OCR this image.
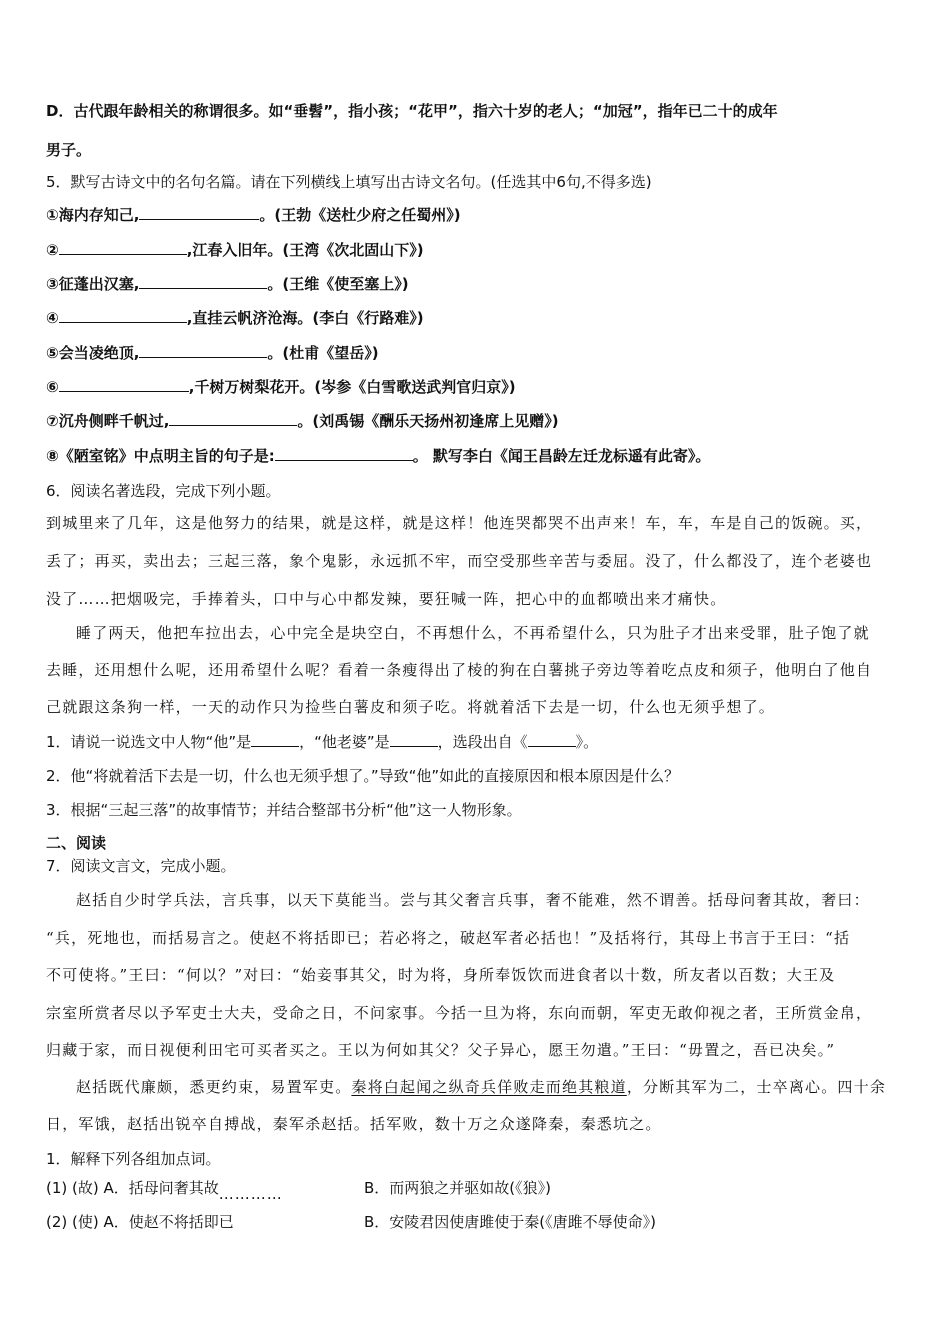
D．古代跟年龄相关的称谓很多。如“垂髫”，指小孩；“花甲”，指六十岁的老人；“加冠”，指年已二十的成年
男子。
5．默写古诗文中的名句名篇。请在下列横线上填写出古诗文名句。(任选其中6句,不得多选)
①海内存知己,	。(王勃《送杜少府之任蜀州》)
②	,江春入旧年。(王湾《次北固山下》)
③征蓬出汉塞,	。(王维《使至塞上》)
④	,直挂云帆济沧海。(李白《行路难》)
⑤会当凌绝顶,	。(杜甫《望岳》)
⑥	,千树万树梨花开。(岑参《白雪歌送武判官归京》)
⑦沉舟侧畔千帆过,	。(刘禹锡《酬乐天扬州初逢席上见赠》)
⑧《陋室铭》中点明主旨的句子是:	。 默写李白《闻王昌龄左迁龙标遥有此寄》。
6．阅读名著选段，完成下列小题。
到城里来了几年，这是他努力的结果，就是这样，就是这样！他连哭都哭不出声来！车，车，车是自己的饭碗。买，
丢了；再买，卖出去；三起三落，象个鬼影，永远抓不牢，而空受那些辛苦与委屈。没了，什么都没了，连个老婆也
没了……把烟吸完，手捧着头，口中与心中都发辣，要狂喊一阵，把心中的血都喷出来才痛快。
睡了两天，他把车拉出去，心中完全是块空白，不再想什么，不再希望什么，只为肚子才出来受罪，肚子饱了就
去睡，还用想什么呢，还用希望什么呢？看着一条瘦得出了棱的狗在白薯挑子旁边等着吃点皮和须子，他明白了他自
己就跟这条狗一样，一天的动作只为捡些白薯皮和须子吃。将就着活下去是一切，什么也无须乎想了。
1．请说一说选文中人物“他”是	，“他老婆”是	，选段出自《	》。
2．他“将就着活下去是一切，什么也无须乎想了。”导致“他”如此的直接原因和根本原因是什么？
3．根据“三起三落”的故事情节；并结合整部书分析“他”这一人物形象。
二、阅读
7．阅读文言文，完成小题。
赵括自少时学兵法，言兵事，以天下莫能当。尝与其父奢言兵事，奢不能难，然不谓善。括母问奢其故，奢曰：
“兵，死地也，而括易言之。使赵不将括即已；若必将之，破赵军者必括也！”及括将行，其母上书言于王曰：“括
不可使将。”王曰：“何以？”对曰：“始妾事其父，时为将，身所奉饭饮而进食者以十数，所友者以百数；大王及
宗室所赏者尽以予军吏士大夫，受命之日，不问家事。今括一旦为将，东向而朝，军吏无敢仰视之者，王所赏金帛，
归藏于家，而日视便利田宅可买者买之。王以为何如其父？父子异心，愿王勿遣。”王曰：“毋置之，吾已决矣。”
赵括既代廉颇，悉更约束，易置军吏。秦将白起闻之纵奇兵佯败走而绝其粮道，分断其军为二，士卒离心。四十余
日，军饿，赵括出锐卒自搏战，秦军杀赵括。括军败，数十万之众遂降秦，秦悉坑之。
1．解释下列各组加点词。
(1) (故) A．括母问奢其故…………	B．而两狼之并驱如故(《狼》)
(2) (使) A．使赵不将括即已	B．安陵君因使唐雎使于秦(《唐雎不辱使命》)
